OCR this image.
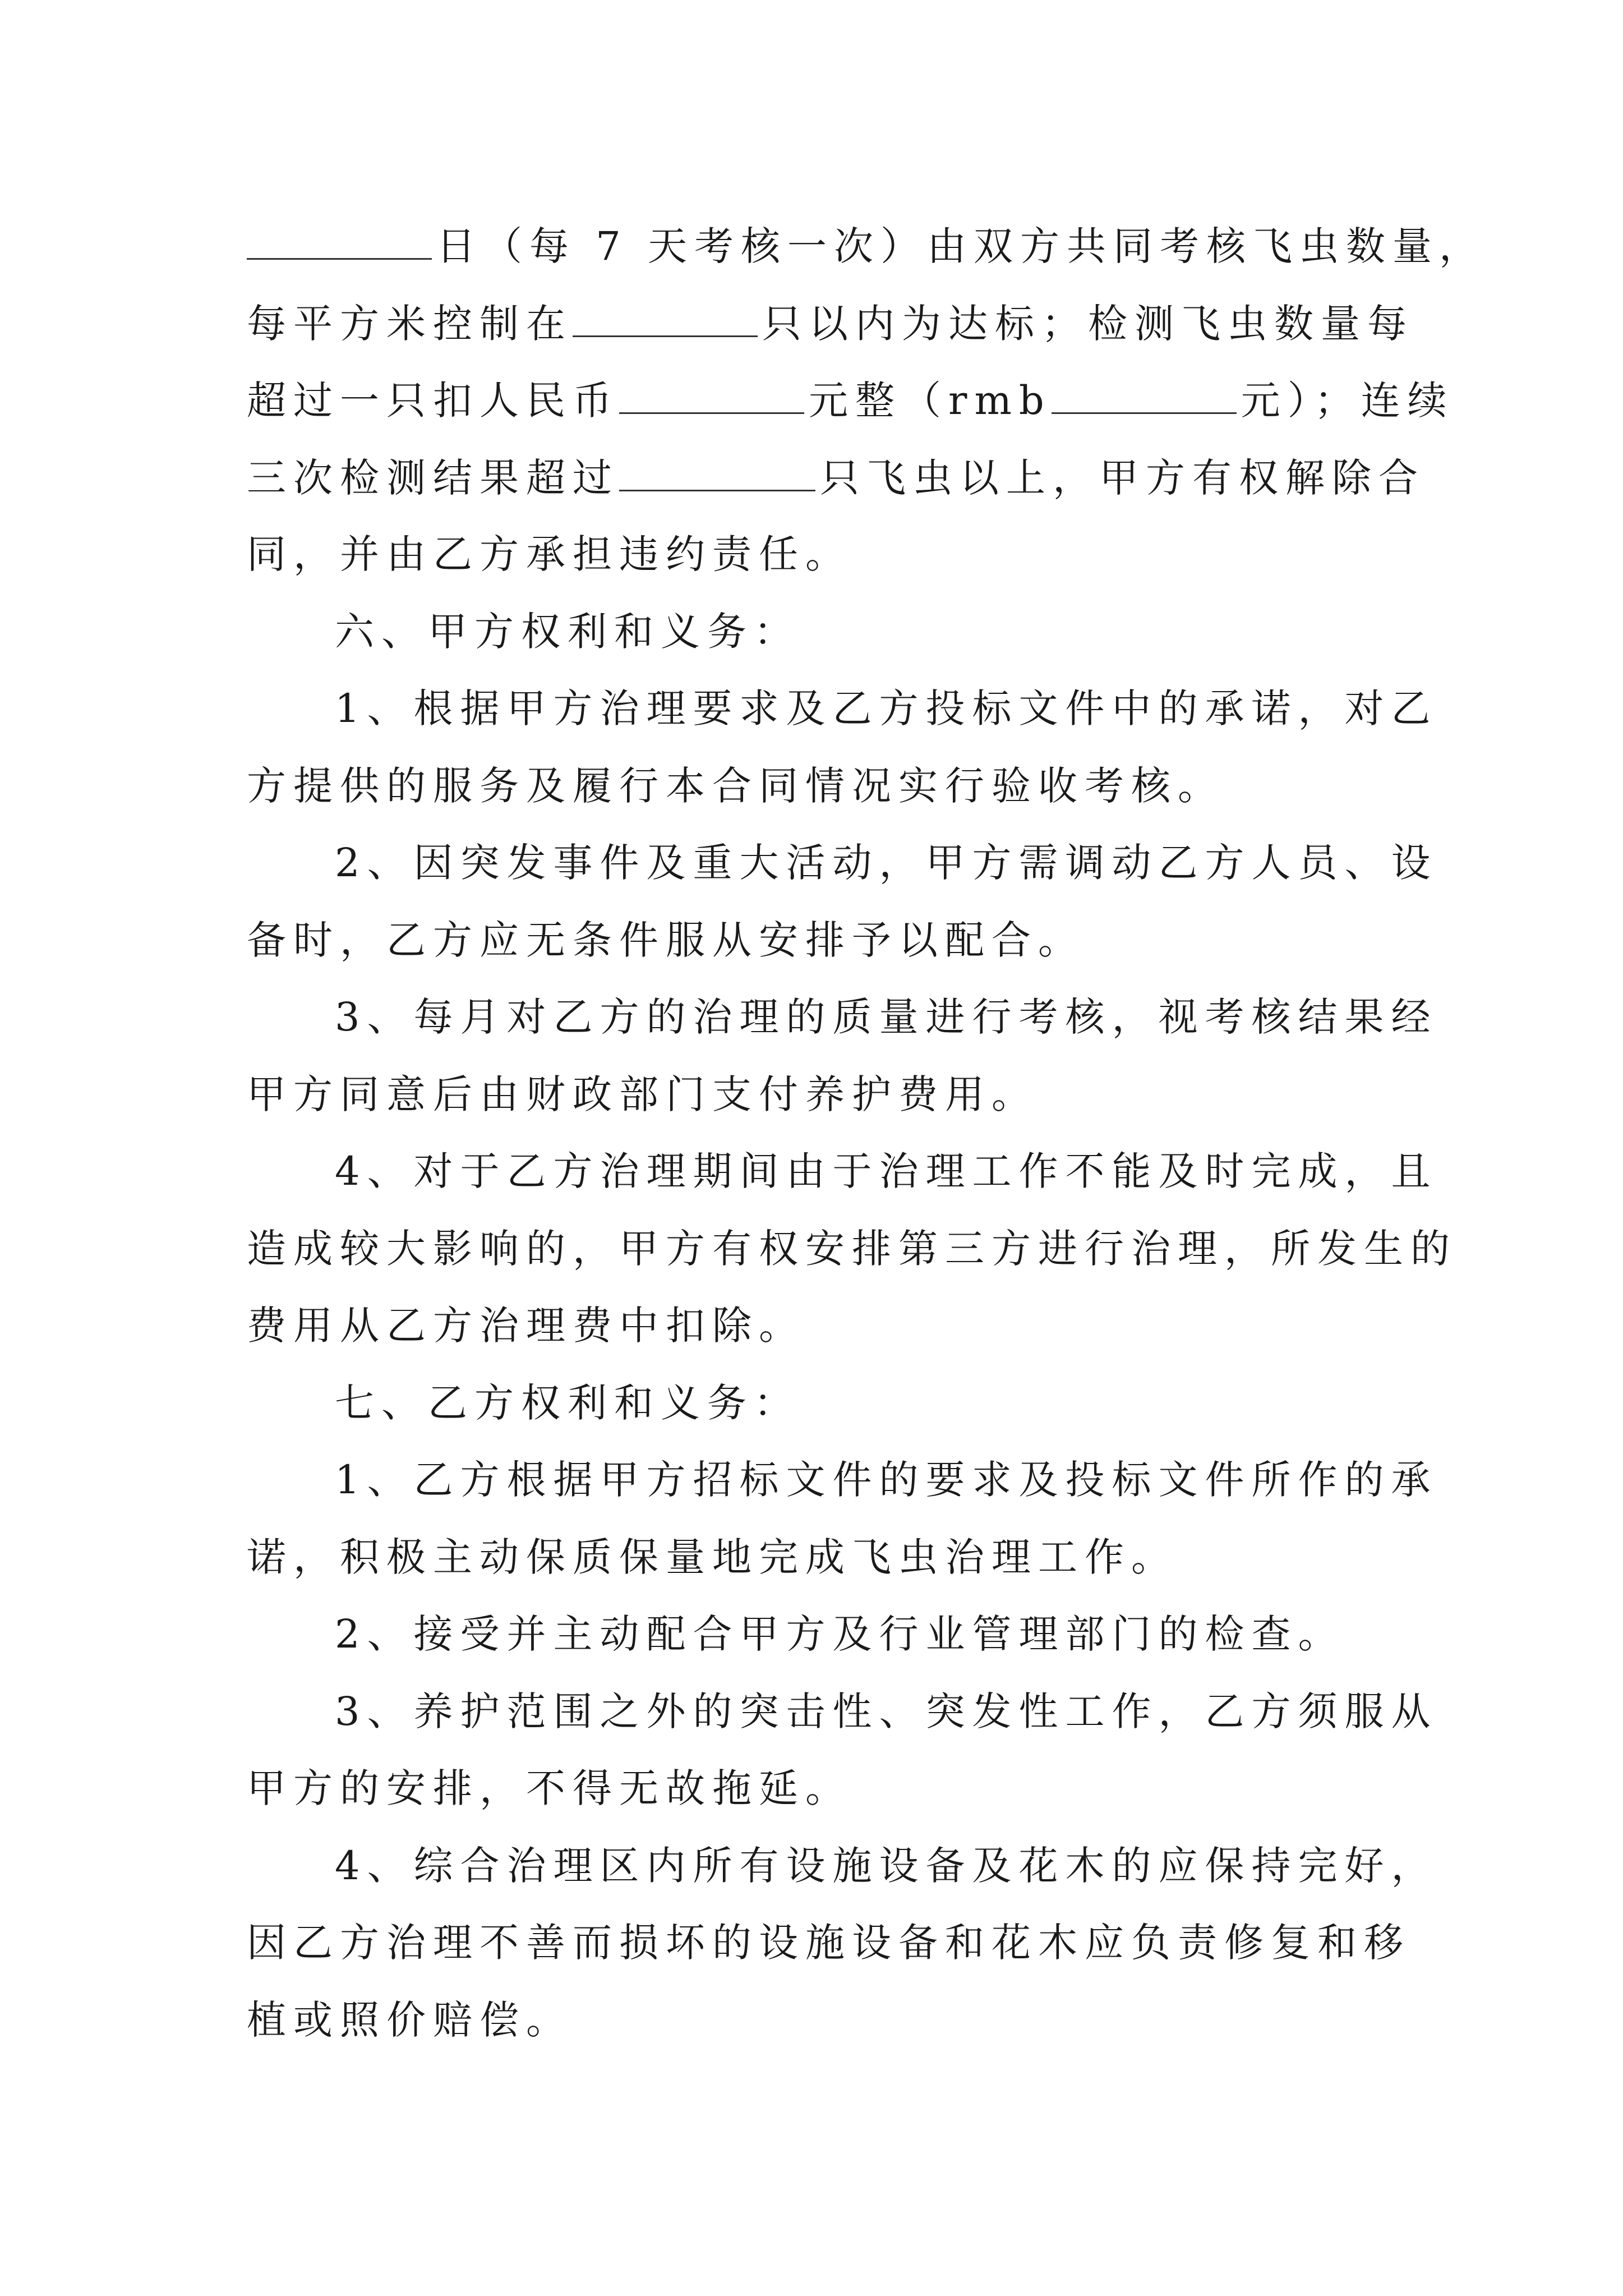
日（每 7 天考核一次）由双方共同考核飞虫数量，
每平方米控制在	只以内为达标；检测飞虫数量每
超过一只扣人民币	元整（rmb	元）；连续
三次检测结果超过	只飞虫以上，甲方有权解除合
同，并由乙方承担违约责任。
六、甲方权利和义务：
1、根据甲方治理要求及乙方投标文件中的承诺，对乙
方提供的服务及履行本合同情况实行验收考核。
2、因突发事件及重大活动，甲方需调动乙方人员、设
备时，乙方应无条件服从安排予以配合。
3、每月对乙方的治理的质量进行考核，视考核结果经
甲方同意后由财政部门支付养护费用。
4、对于乙方治理期间由于治理工作不能及时完成，且
造成较大影响的，甲方有权安排第三方进行治理，所发生的
费用从乙方治理费中扣除。
七、乙方权利和义务：
1、乙方根据甲方招标文件的要求及投标文件所作的承
诺，积极主动保质保量地完成飞虫治理工作。
2、接受并主动配合甲方及行业管理部门的检查。
3、养护范围之外的突击性、突发性工作，乙方须服从
甲方的安排，不得无故拖延。
4、综合治理区内所有设施设备及花木的应保持完好，
因乙方治理不善而损坏的设施设备和花木应负责修复和移
植或照价赔偿。
